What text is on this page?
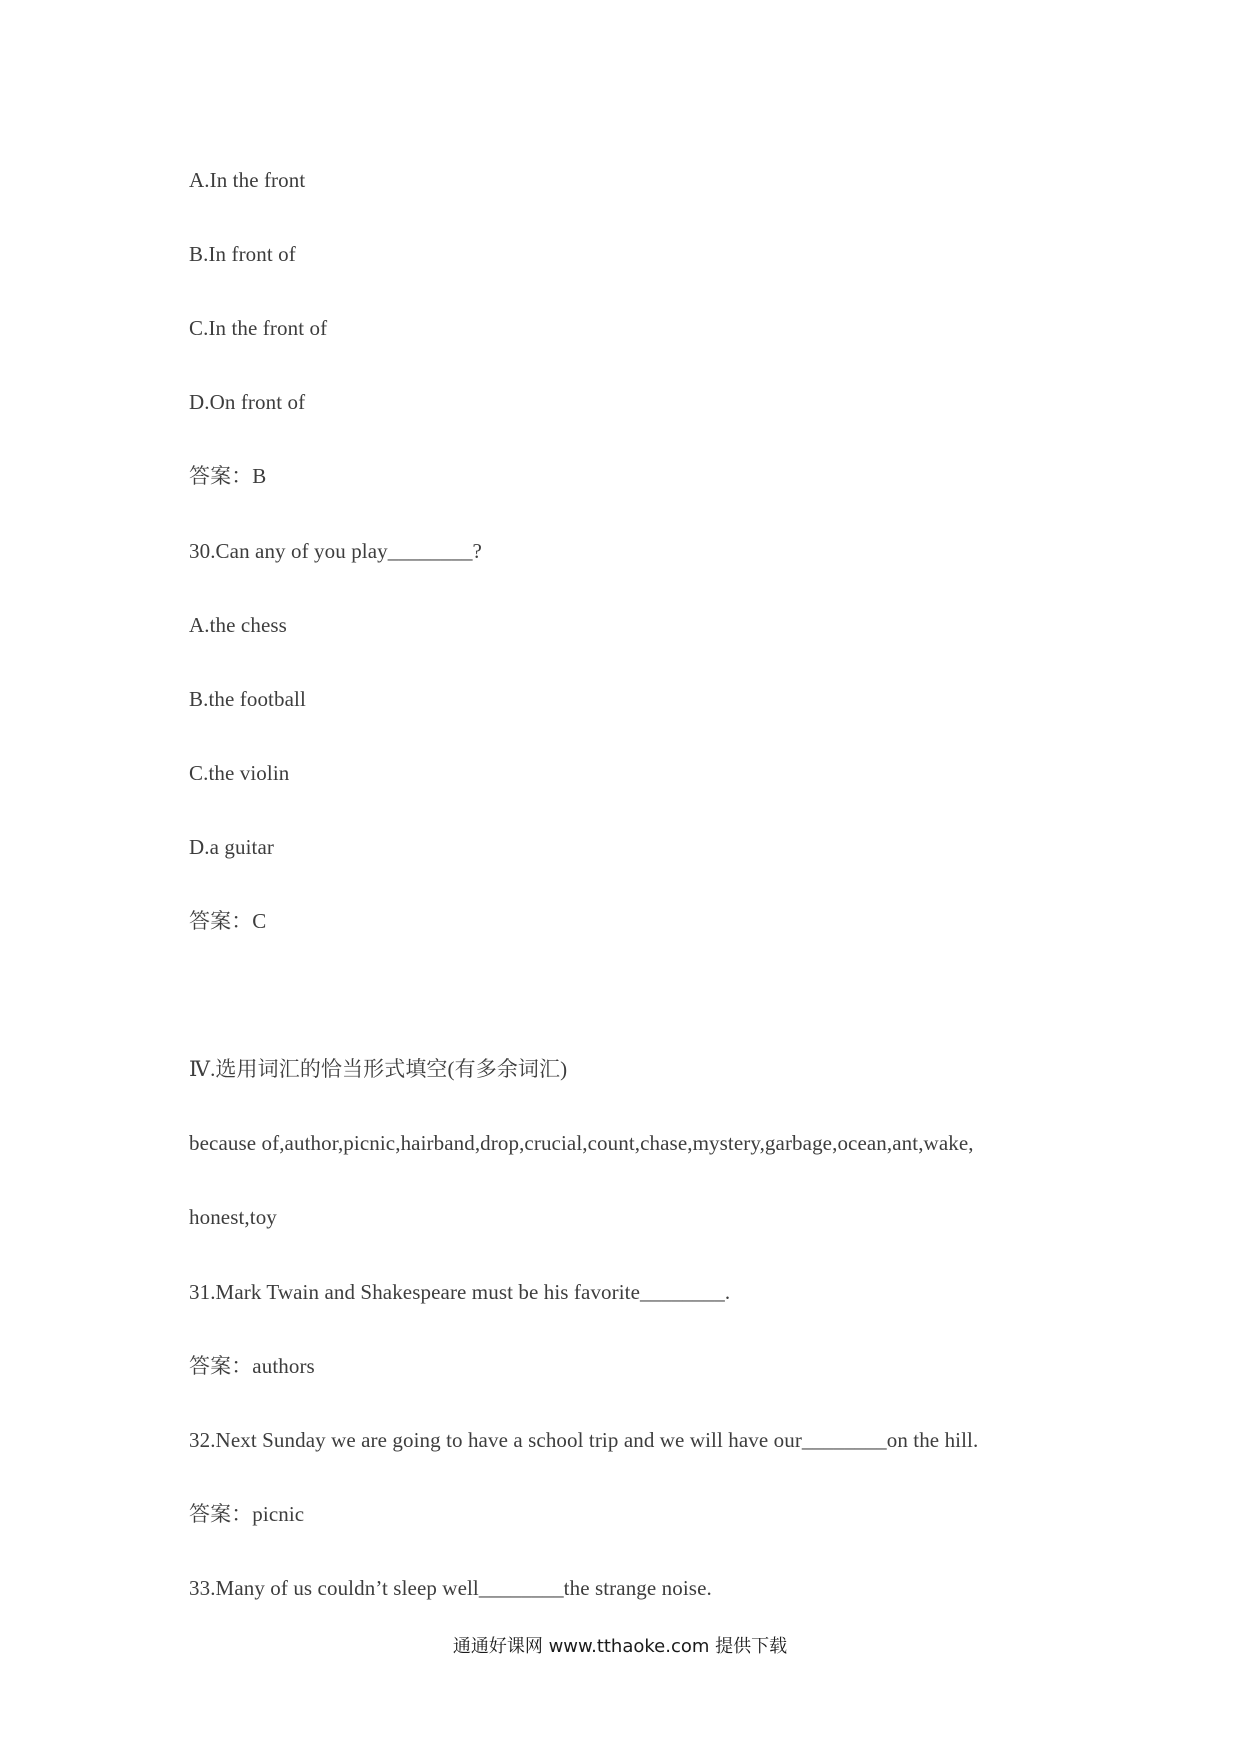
A.In the front
B.In front of
C.In the front of
D.On front of
答案：B
30.Can any of you play________?
A.the chess
B.the football
C.the violin
D.a guitar
答案：C
Ⅳ.选用词汇的恰当形式填空(有多余词汇)
because of,author,picnic,hairband,drop,crucial,count,chase,mystery,garbage,ocean,ant,wake,
honest,toy
31.Mark Twain and Shakespeare must be his favorite________.
答案：authors
32.Next Sunday we are going to have a school trip and we will have our________on the hill.
答案：picnic
33.Many of us couldn’t sleep well________the strange noise.
通通好课网 www.tthaoke.com 提供下载
